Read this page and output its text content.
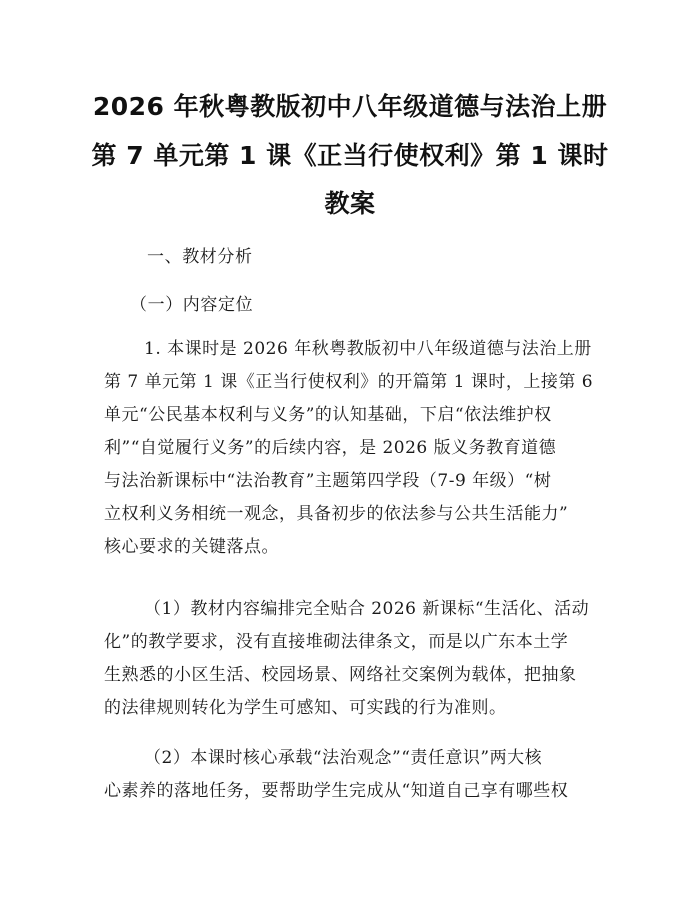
2026 年秋粤教版初中八年级道德与法治上册
第 7 单元第 1 课《正当行使权利》第 1 课时
教案
一、教材分析
（一）内容定位
1. 本课时是 2026 年秋粤教版初中八年级道德与法治上册
第 7 单元第 1 课《正当行使权利》的开篇第 1 课时，上接第 6
单元“公民基本权利与义务”的认知基础，下启“依法维护权
利”“自觉履行义务”的后续内容，是 2026 版义务教育道德
与法治新课标中“法治教育”主题第四学段（7-9 年级）“树
立权利义务相统一观念，具备初步的依法参与公共生活能力”
核心要求的关键落点。
（1）教材内容编排完全贴合 2026 新课标“生活化、活动
化”的教学要求，没有直接堆砌法律条文，而是以广东本土学
生熟悉的小区生活、校园场景、网络社交案例为载体，把抽象
的法律规则转化为学生可感知、可实践的行为准则。
（2）本课时核心承载“法治观念”“责任意识”两大核
心素养的落地任务，要帮助学生完成从“知道自己享有哪些权
